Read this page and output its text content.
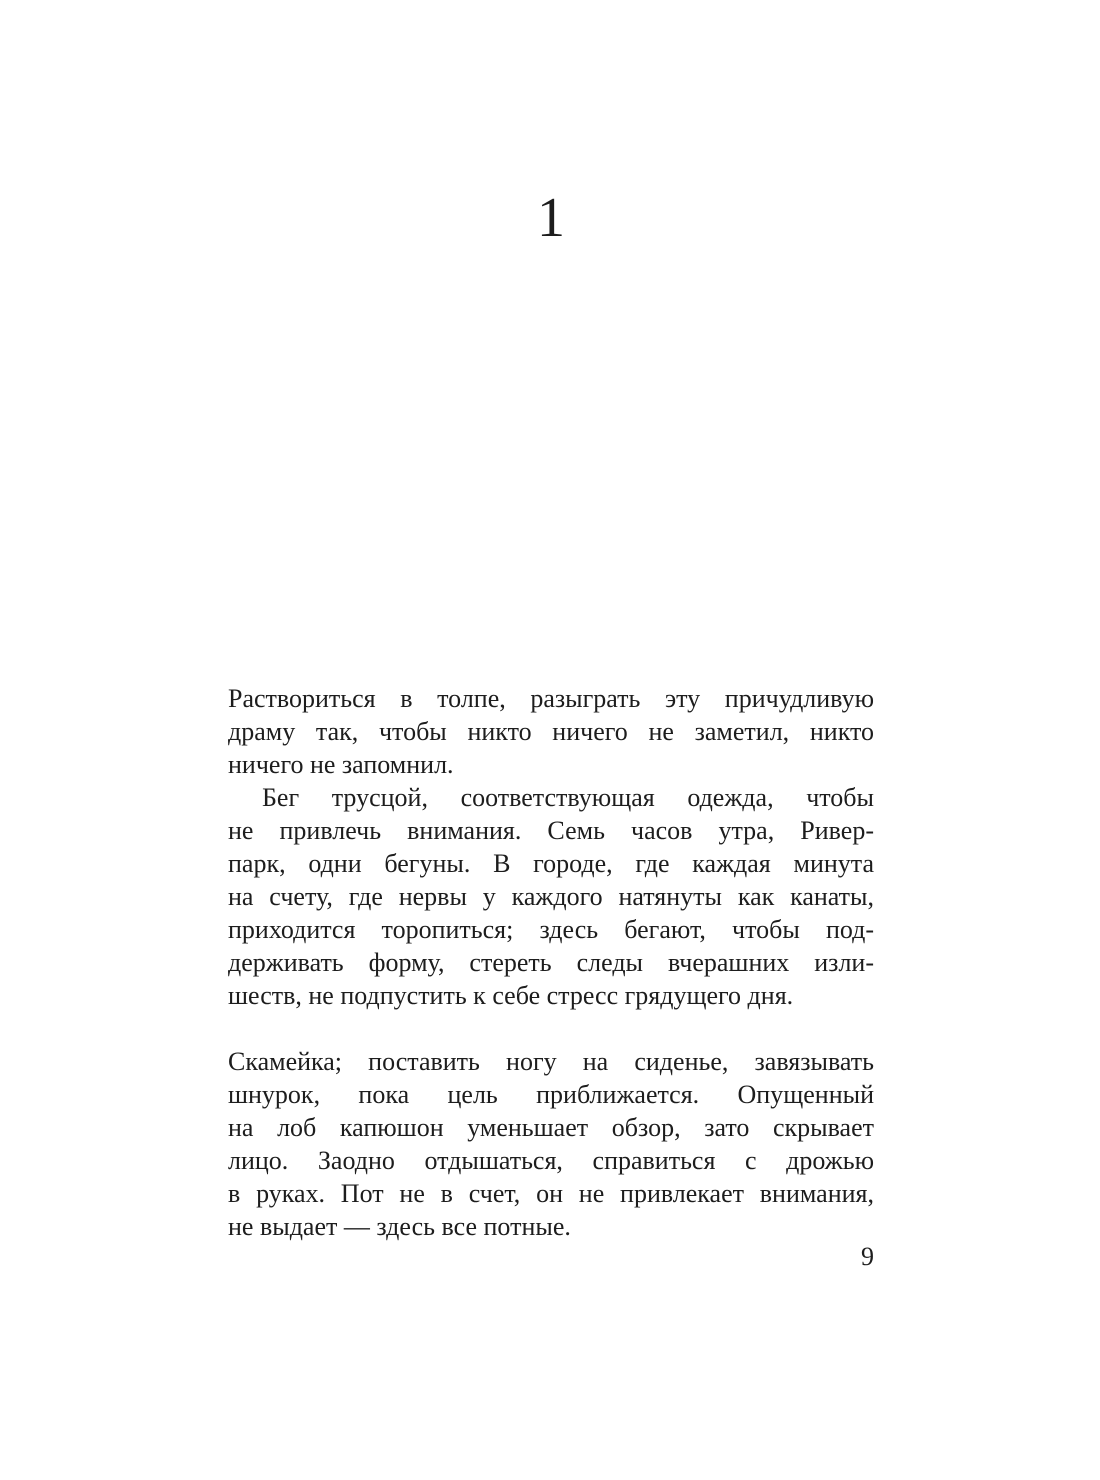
1
Раствориться в толпе, разыграть эту причудливую
драму так, чтобы никто ничего не заметил, никто
ничего не запомнил.
Бег трусцой, соответствующая одежда, чтобы
не привлечь внимания. Семь часов утра, Ривер-
парк, одни бегуны. В городе, где каждая минута
на счету, где нервы у каждого натянуты как канаты,
приходится торопиться; здесь бегают, чтобы под-
держивать форму, стереть следы вчерашних изли-
шеств, не подпустить к себе стресс грядущего дня.
Скамейка; поставить ногу на сиденье, завязывать
шнурок, пока цель приближается. Опущенный
на лоб капюшон уменьшает обзор, зато скрывает
лицо. Заодно отдышаться, справиться с дрожью
в руках. Пот не в счет, он не привлекает внимания,
не выдает — здесь все потные.
9
